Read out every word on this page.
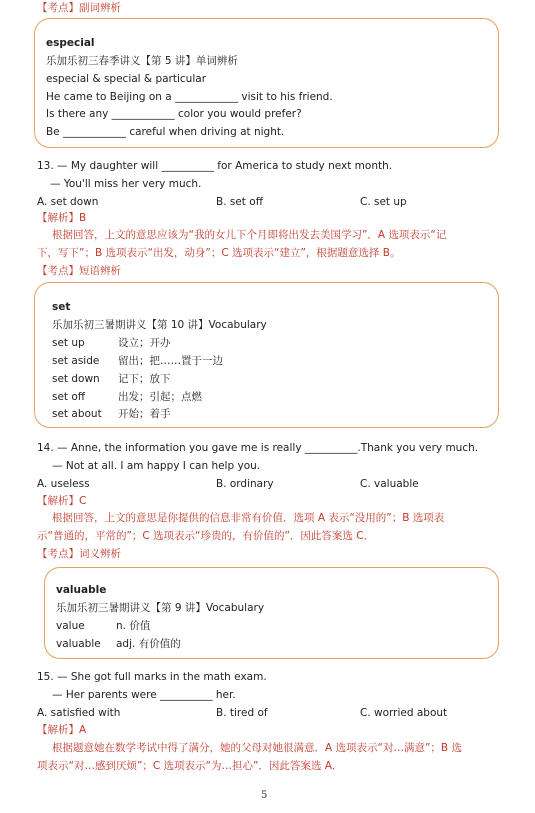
【考点】副词辨析
especial
乐加乐初三春季讲义【第 5 讲】单词辨析
especial & special & particular
He came to Beijing on a ____________ visit to his friend.
Is there any ____________ color you would prefer?
Be ____________ careful when driving at night.
13. — My daughter will __________ for America to study next month.
— You'll miss her very much.
A. set down	B. set off	C. set up
【解析】B
根据回答，上文的意思应该为“我的女儿下个月即将出发去美国学习”．A 选项表示“记
下，写下”；B 选项表示“出发，动身”；C 选项表示“建立”，根据题意选择 B。
【考点】短语辨析
set
乐加乐初三暑期讲义【第 10 讲】Vocabulary
set up	设立；开办
set aside 留出；把……置于一边
set down 记下；放下
set off	出发；引起；点燃
set about 开始；着手
14. — Anne, the information you gave me is really __________.Thank you very much.
— Not at all. I am happy I can help you.
A. useless	B. ordinary	C. valuable
【解析】C
根据回答，上文的意思是你提供的信息非常有价值．选项 A 表示“没用的”；B 选项表
示“普通的，平常的”；C 选项表示“珍贵的，有价值的”．因此答案选 C．
【考点】词义辨析
valuable
乐加乐初三暑期讲义【第 9 讲】Vocabulary
value	n. 价值
valuable adj. 有价值的
15. — She got full marks in the math exam.
— Her parents were __________ her.
A. satisfied with	B. tired of	C. worried about
【解析】A
根据题意她在数学考试中得了满分，她的父母对她很满意．A 选项表示“对…满意”；B 选
项表示“对…感到厌烦”；C 选项表示“为…担心”．因此答案选 A．
5
